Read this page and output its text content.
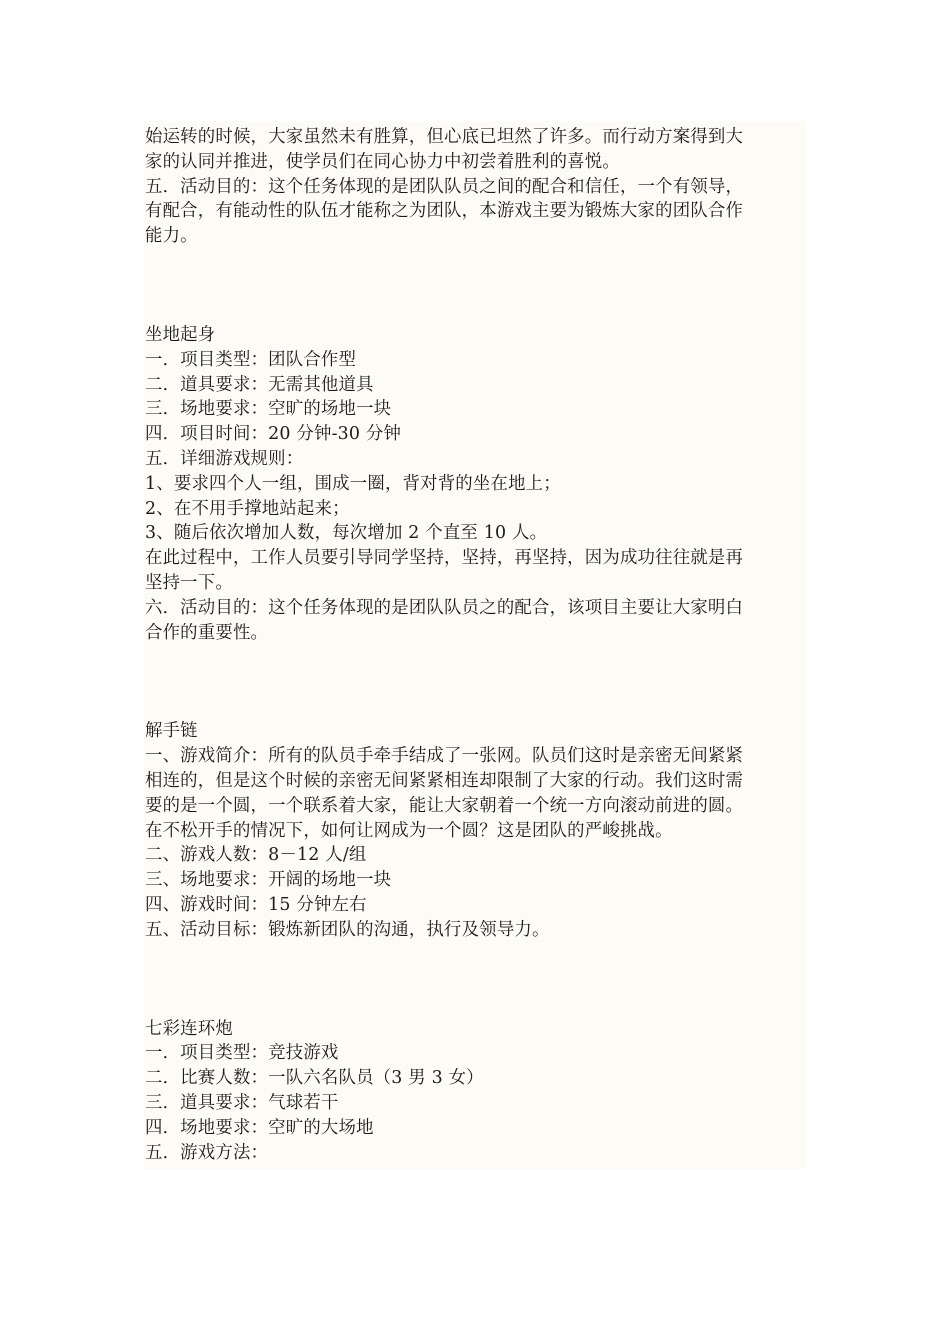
始运转的时候，大家虽然未有胜算，但心底已坦然了许多。而行动方案得到大

家的认同并推进，使学员们在同心协力中初尝着胜利的喜悦。

五．活动目的：这个任务体现的是团队队员之间的配合和信任，一个有领导，

有配合，有能动性的队伍才能称之为团队，本游戏主要为锻炼大家的团队合作

能力。

坐地起身

一．项目类型：团队合作型

二．道具要求：无需其他道具

三．场地要求：空旷的场地一块

四．项目时间：20 分钟-30 分钟

五．详细游戏规则：

1、要求四个人一组，围成一圈，背对背的坐在地上；

2、在不用手撑地站起来；

3、随后依次增加人数，每次增加 2 个直至 10 人。

在此过程中，工作人员要引导同学坚持，坚持，再坚持，因为成功往往就是再

坚持一下。

六．活动目的：这个任务体现的是团队队员之的配合，该项目主要让大家明白

合作的重要性。

解手链

一、游戏简介：所有的队员手牵手结成了一张网。队员们这时是亲密无间紧紧

相连的，但是这个时候的亲密无间紧紧相连却限制了大家的行动。我们这时需

要的是一个圆，一个联系着大家，能让大家朝着一个统一方向滚动前进的圆。

在不松开手的情况下，如何让网成为一个圆？这是团队的严峻挑战。

二、游戏人数：8－12 人/组

三、场地要求：开阔的场地一块

四、游戏时间：15 分钟左右

五、活动目标：锻炼新团队的沟通，执行及领导力。

七彩连环炮

一．项目类型：竞技游戏

二．比赛人数：一队六名队员（3 男 3 女）

三．道具要求：气球若干

四．场地要求：空旷的大场地

五．游戏方法：
